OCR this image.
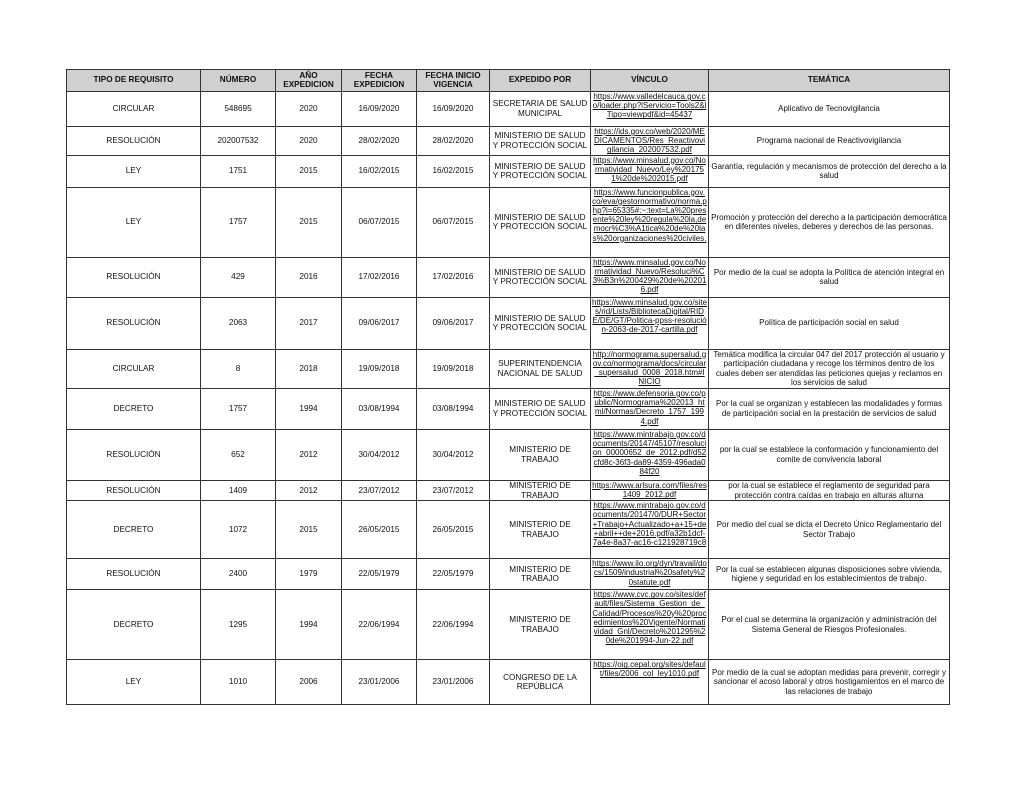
TIPO DE REQUISITO	NÚMERO	AÑO EXPEDICION	FECHA EXPEDICION	FECHA INICIO VIGENCIA	EXPEDIDO POR	VÍNCULO	TEMÁTICA
CIRCULAR	548695	2020	16/09/2020	16/09/2020	SECRETARIA DE SALUD MUNICIPAL	https://www.valledelcauca.gov.co/loader.php?lServicio=Tools2&lTipo=viewpdf&id=45437	Aplicativo de Tecnovigilancia
RESOLUCIÓN	202007532	2020	28/02/2020	28/02/2020	MINISTERIO DE SALUD Y PROTECCIÓN SOCIAL	https://ids.gov.co/web/2020/MEDICAMENTOS/Res_Reactivovigilancia_202007532.pdf	Programa nacional de Reactivovigilancia
LEY	1751	2015	16/02/2015	16/02/2015	MINISTERIO DE SALUD Y PROTECCIÓN SOCIAL	https://www.minsalud.gov.co/Normatividad_Nuevo/Ley%201751%20de%202015.pdf	Garantía, regulación y mecanismos de protección del derecho a la salud
LEY	1757	2015	06/07/2015	06/07/2015	MINISTERIO DE SALUD Y PROTECCIÓN SOCIAL	https://www.funcionpublica.gov.co/eva/gestornormativo/norma.php?i=65335#:~:text=La%20presente%20ley%20regula%20la,democr%C3%A1tica%20de%20las%20organizaciones%20civiles.	Promoción y protección del derecho a la participación democrática en diferentes niveles, deberes y derechos de las personas.
RESOLUCIÓN	429	2016	17/02/2016	17/02/2016	MINISTERIO DE SALUD Y PROTECCIÓN SOCIAL	https://www.minsalud.gov.co/Normatividad_Nuevo/Resoluci%C3%B3n%200429%20de%202016.pdf	Por medio de la cual se adopta la Política de atención integral en salud
RESOLUCIÓN	2063	2017	09/06/2017	09/06/2017	MINISTERIO DE SALUD Y PROTECCIÓN SOCIAL	https://www.minsalud.gov.co/sites/rid/Lists/BibliotecaDigital/RIDE/DE/GT/Politica-ppss-resolución-2063-de-2017-cartilla.pdf	Política de participación social en salud
CIRCULAR	8	2018	19/09/2018	19/09/2018	SUPERINTENDENCIA NACIONAL DE SALUD	http://normograma.supersalud.gov.co/normograma/docs/circular_supersalud_0008_2018.htm#INICIO	Temática modifica la circular 047 del 2017 protección al usuario y participación ciudadana y recoge los términos dentro de los cuales deben ser atendidas las peticiones quejas y reclamos en los servicios de salud
DECRETO	1757	1994	03/08/1994	03/08/1994	MINISTERIO DE SALUD Y PROTECCIÓN SOCIAL	https://www.defensoria.gov.co/public/Normograma%202013_html/Normas/Decreto_1757_1994.pdf	Por la cual se organizan y establecen las modalidades y formas de participación social en la prestación de servicios de salud
RESOLUCIÓN	652	2012	30/04/2012	30/04/2012	MINISTERIO DE TRABAJO	https://www.mintrabajo.gov.co/documents/20147/45107/resolucion_00000652_de_2012.pdf/d52cfd8c-36f3-da89-4359-496ada084f20	por la cual se establece la conformación y funcionamiento del comite de convivencia laboral
RESOLUCIÓN	1409	2012	23/07/2012	23/07/2012	MINISTERIO DE TRABAJO	https://www.arlsura.com/files/res1409_2012.pdf	por la cual se establece el reglamento de seguridad para protección contra caídas en trabajo en alturas alturna
DECRETO	1072	2015	26/05/2015	26/05/2015	MINISTERIO DE TRABAJO	https://www.mintrabajo.gov.co/documents/20147/0/DUR+Sector+Trabajo+Actualizado+a+15+de+abril++de+2016.pdf/a32b1dcf-7a4e-8a37-ac16-c121928719c8	Por medio del cual se dicta el Decreto Único Reglamentario del Sector Trabajo
RESOLUCIÓN	2400	1979	22/05/1979	22/05/1979	MINISTERIO DE TRABAJO	https://www.ilo.org/dyn/travail/docs/1509/industrial%20safety%20statute.pdf	Por la cual se establecen algunas disposiciones sobre vivienda, higiene y seguridad en los establecimientos de trabajo.
DECRETO	1295	1994	22/06/1994	22/06/1994	MINISTERIO DE TRABAJO	https://www.cvc.gov.co/sites/default/files/Sistema_Gestion_de_Calidad/Procesos%20y%20procedimientos%20Vigente/Normatividad_Gnl/Decreto%201295%20de%201994-Jun-22.pdf	Por el cual se determina la organización y administración del Sistema General de Riesgos Profesionales.
LEY	1010	2006	23/01/2006	23/01/2006	CONGRESO DE LA REPÚBLICA	https://oig.cepal.org/sites/default/files/2006_col_ley1010.pdf	Por medio de la cual se adoptan medidas para prevenir, corregir y sancionar el acoso laboral y otros hostigamientos en el marco de las relaciones de trabajo
